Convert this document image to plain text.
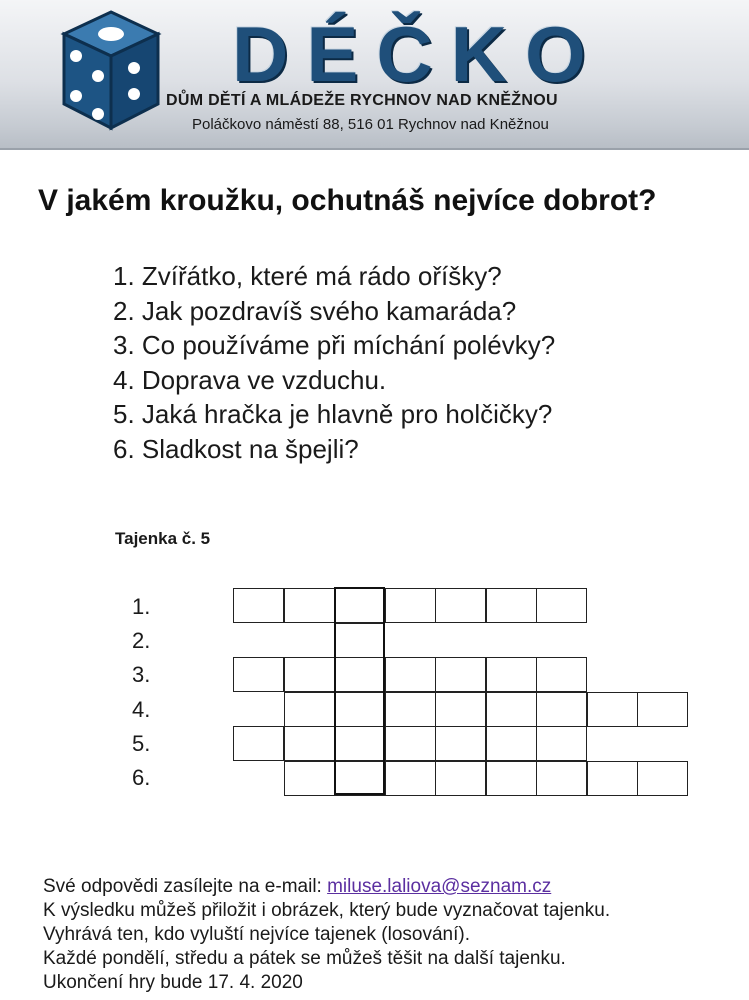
DÉČKO
DŮM DĚTÍ A MLÁDEŽE RYCHNOV NAD KNĚŽNOU
Poláčkovo náměstí 88, 516 01 Rychnov nad Kněžnou
V jakém kroužku, ochutnáš nejvíce dobrot?
1. Zvířátko, které má rádo oříšky?
2. Jak pozdravíš svého kamaráda?
3. Co používáme při míchání polévky?
4. Doprava ve vzduchu.
5. Jaká hračka je hlavně pro holčičky?
6. Sladkost na špejli?
Tajenka č. 5
1.
2.
3.
4.
5.
6.

Své odpovědi zasílejte na e-mail: miluse.laliova@seznam.cz

K výsledku můžeš přiložit i obrázek, který bude vyznačovat tajenku.

Vyhrává ten, kdo vyluští nejvíce tajenek (losování).

Každé pondělí, středu a pátek se můžeš těšit na další tajenku.

Ukončení hry bude 17. 4. 2020
